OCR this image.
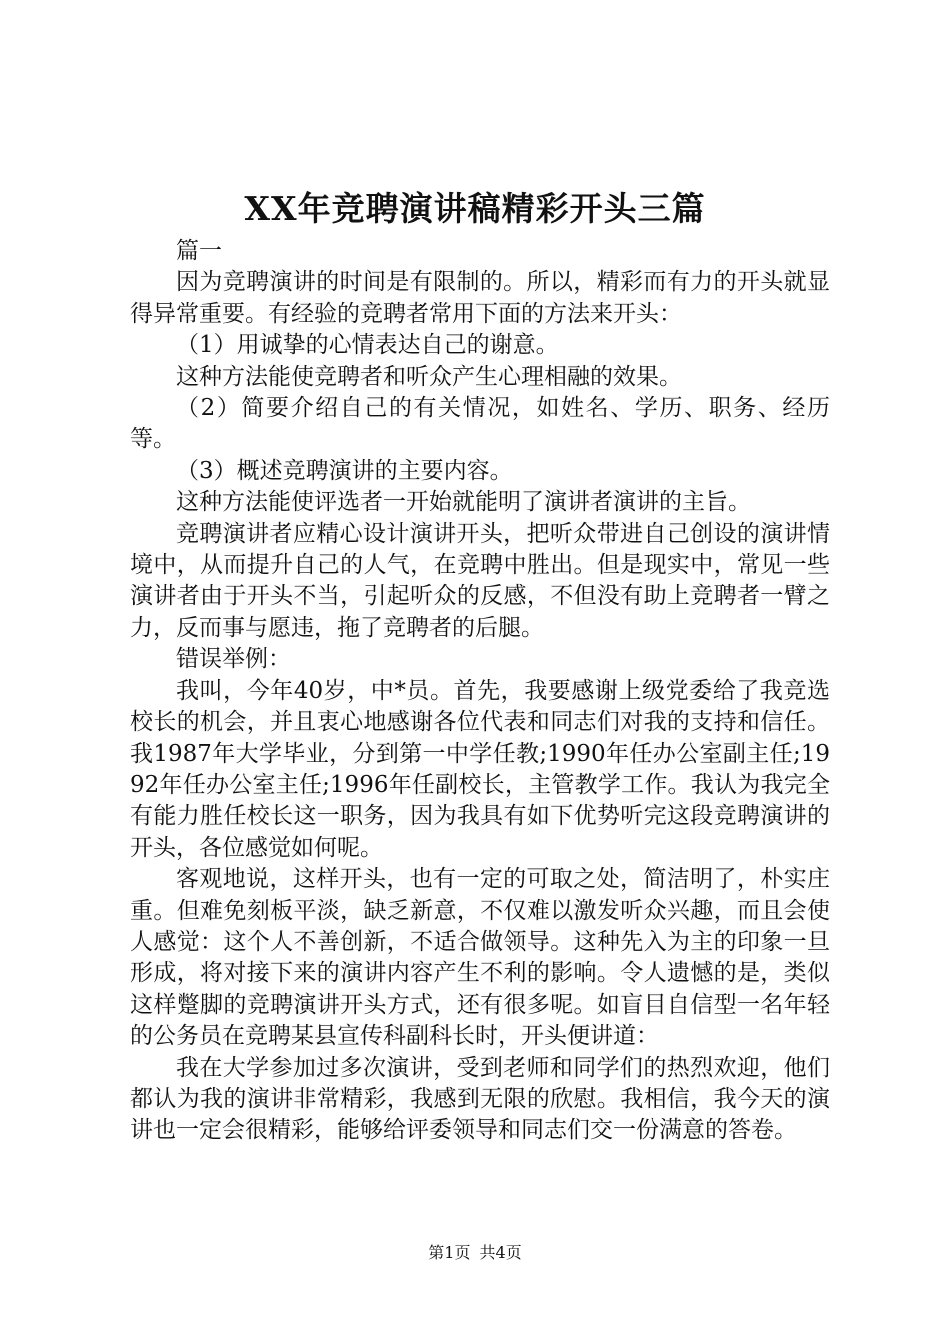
XX年竞聘演讲稿精彩开头三篇

篇一

因为竞聘演讲的时间是有限制的。所以，精彩而有力的开头就显得异常重要。有经验的竞聘者常用下面的方法来开头：

（1）用诚挚的心情表达自己的谢意。

这种方法能使竞聘者和听众产生心理相融的效果。

（2）简要介绍自己的有关情况，如姓名、学历、职务、经历等。

（3）概述竞聘演讲的主要内容。

这种方法能使评选者一开始就能明了演讲者演讲的主旨。

竞聘演讲者应精心设计演讲开头，把听众带进自己创设的演讲情境中，从而提升自己的人气，在竞聘中胜出。但是现实中，常见一些演讲者由于开头不当，引起听众的反感，不但没有助上竞聘者一臂之力，反而事与愿违，拖了竞聘者的后腿。

错误举例：

我叫，今年40岁，中*员。首先，我要感谢上级党委给了我竞选校长的机会，并且衷心地感谢各位代表和同志们对我的支持和信任。我1987年大学毕业，分到第一中学任教;1990年任办公室副主任;1992年任办公室主任;1996年任副校长，主管教学工作。我认为我完全有能力胜任校长这一职务，因为我具有如下优势听完这段竞聘演讲的开头，各位感觉如何呢。

客观地说，这样开头，也有一定的可取之处，简洁明了，朴实庄重。但难免刻板平淡，缺乏新意，不仅难以激发听众兴趣，而且会使人感觉：这个人不善创新，不适合做领导。这种先入为主的印象一旦形成，将对接下来的演讲内容产生不利的影响。令人遗憾的是，类似这样蹩脚的竞聘演讲开头方式，还有很多呢。如盲目自信型一名年轻的公务员在竞聘某县宣传科副科长时，开头便讲道：

我在大学参加过多次演讲，受到老师和同学们的热烈欢迎，他们都认为我的演讲非常精彩，我感到无限的欣慰。我相信，我今天的演讲也一定会很精彩，能够给评委领导和同志们交一份满意的答卷。

第1页 共4页
